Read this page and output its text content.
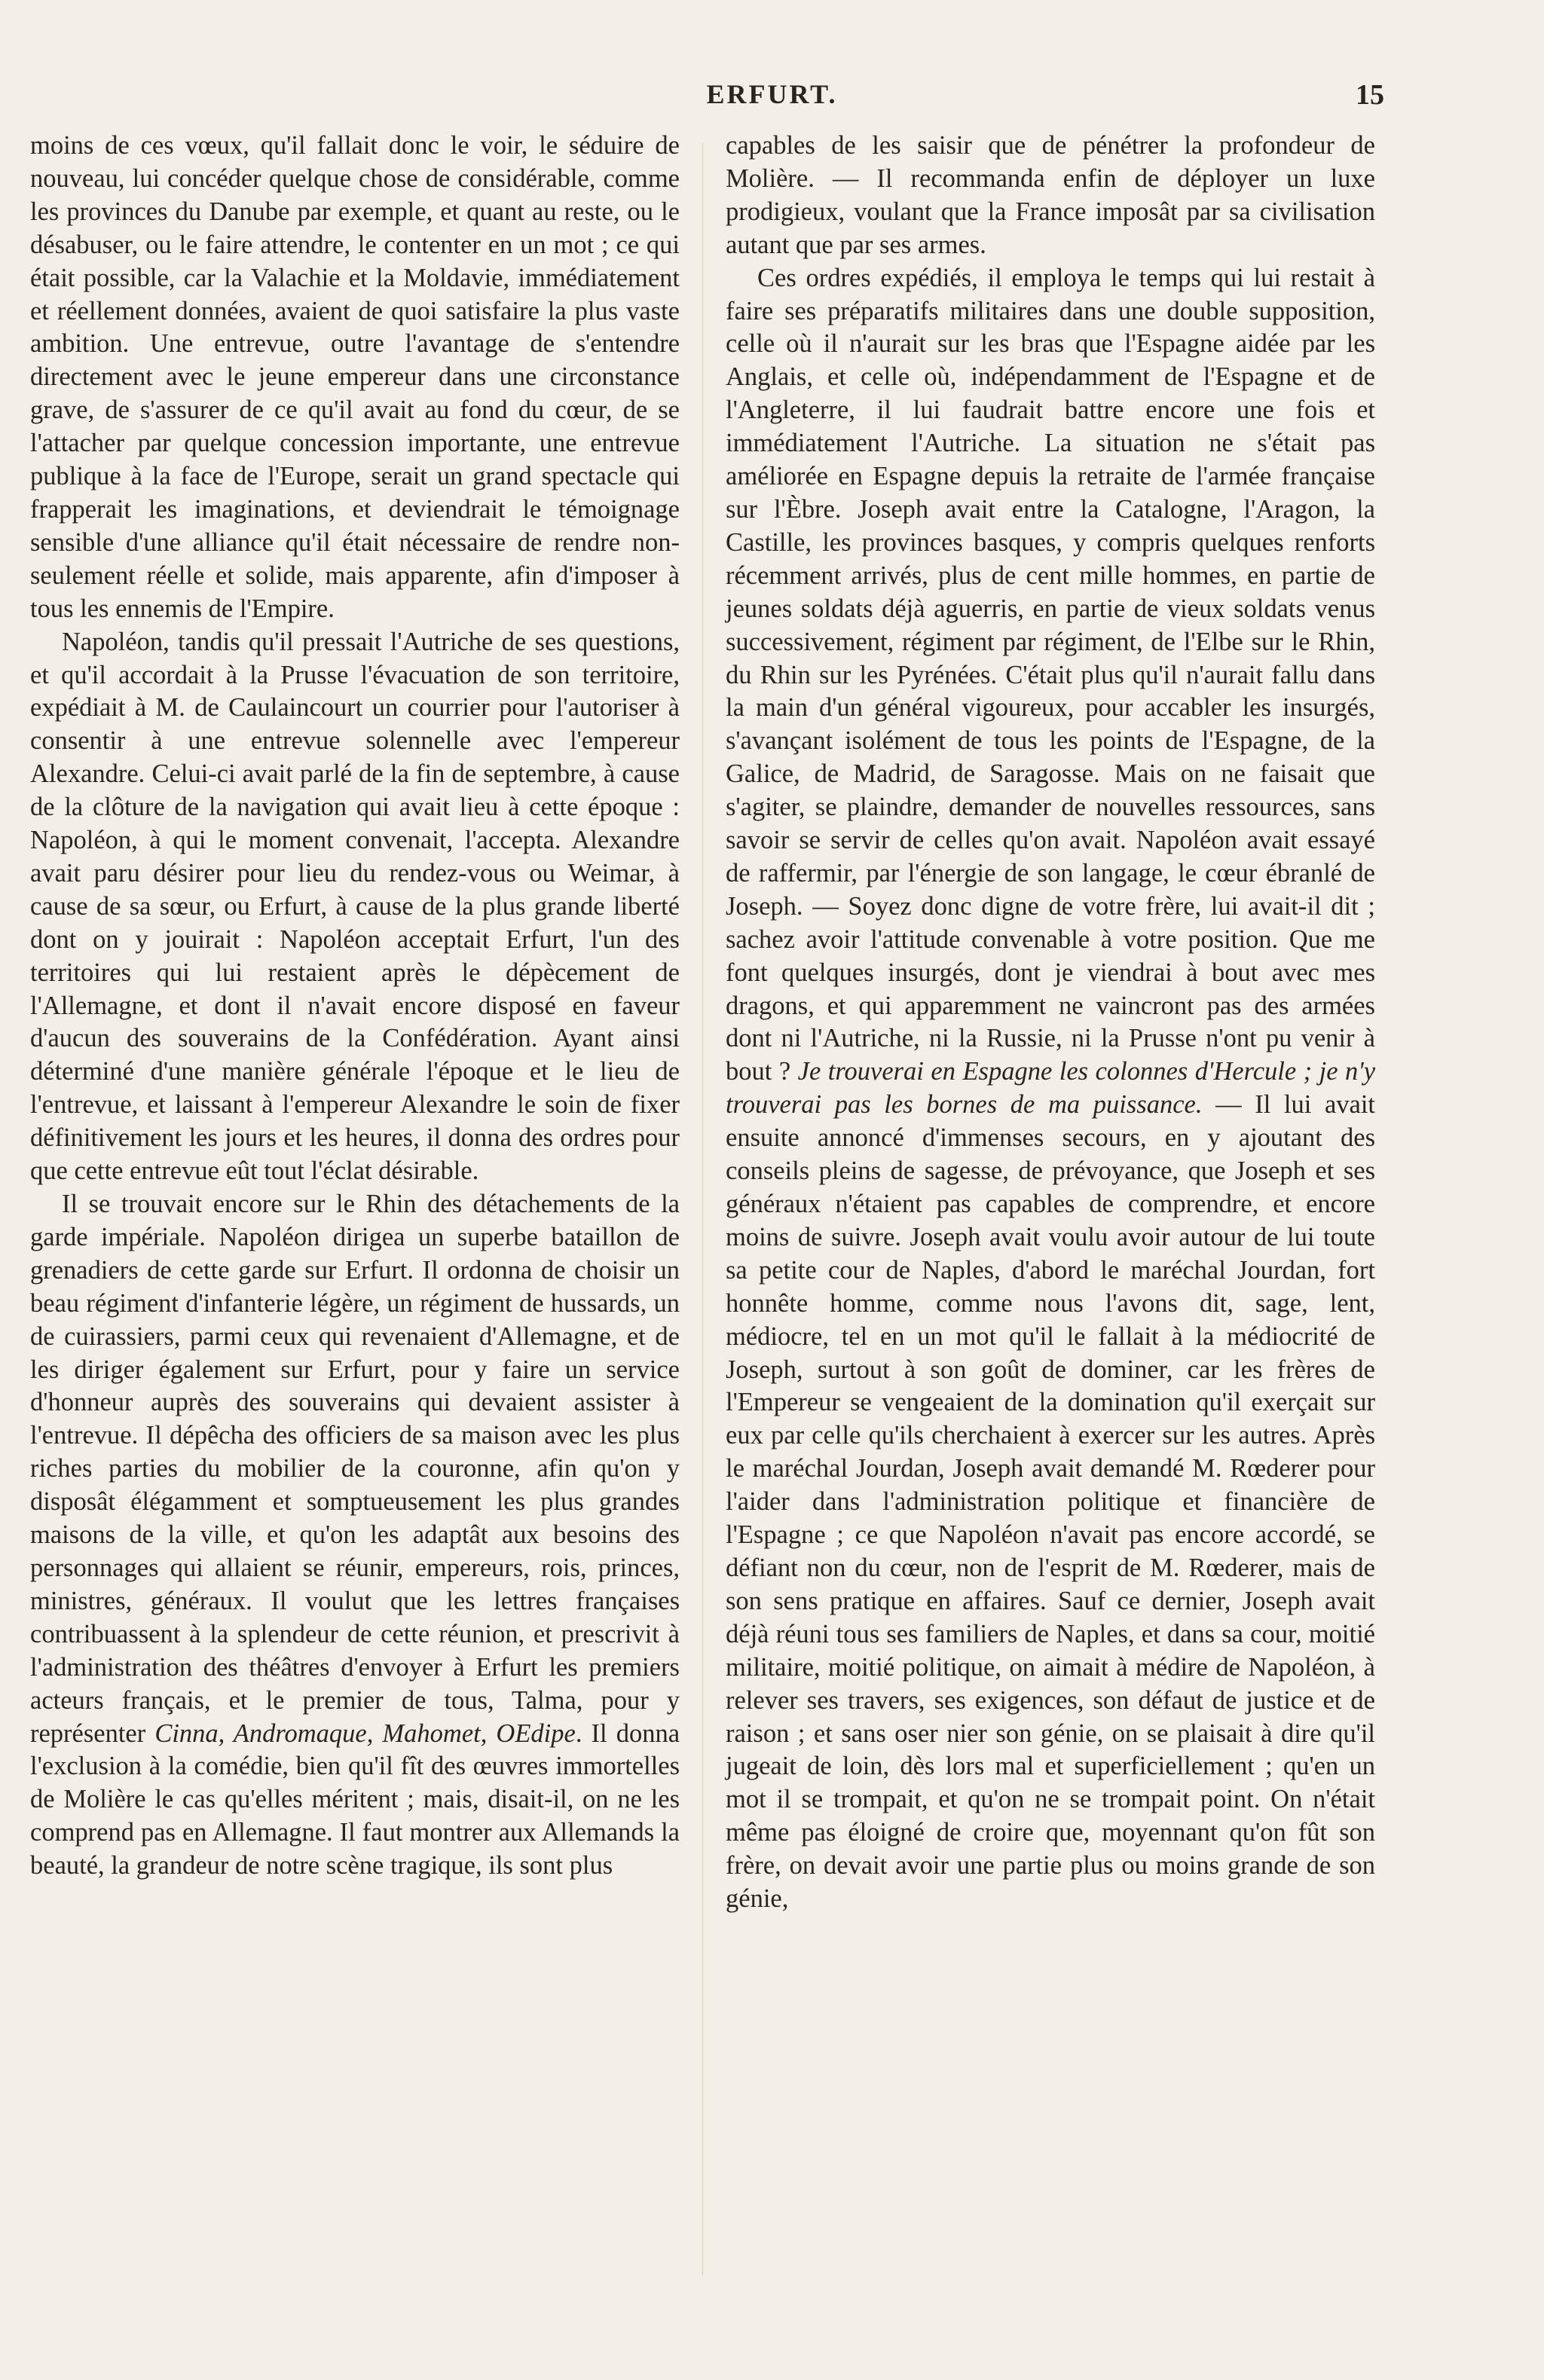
ERFURT.	15

moins de ces vœux, qu'il fallait donc le voir, le séduire de nouveau, lui concéder quelque chose de considérable, comme les provinces du Danube par exemple, et quant au reste, ou le désabuser, ou le faire attendre, le contenter en un mot ; ce qui était possible, car la Valachie et la Moldavie, immédiatement et réellement données, avaient de quoi satisfaire la plus vaste ambition. Une entrevue, outre l'avantage de s'entendre directement avec le jeune empereur dans une circonstance grave, de s'assurer de ce qu'il avait au fond du cœur, de se l'attacher par quelque concession importante, une entrevue publique à la face de l'Europe, serait un grand spectacle qui frapperait les imaginations, et deviendrait le témoignage sensible d'une alliance qu'il était nécessaire de rendre non-seulement réelle et solide, mais apparente, afin d'imposer à tous les ennemis de l'Empire.

Napoléon, tandis qu'il pressait l'Autriche de ses questions, et qu'il accordait à la Prusse l'évacuation de son territoire, expédiait à M. de Caulaincourt un courrier pour l'autoriser à consentir à une entrevue solennelle avec l'empereur Alexandre. Celui-ci avait parlé de la fin de septembre, à cause de la clôture de la navigation qui avait lieu à cette époque : Napoléon, à qui le moment convenait, l'accepta. Alexandre avait paru désirer pour lieu du rendez-vous ou Weimar, à cause de sa sœur, ou Erfurt, à cause de la plus grande liberté dont on y jouirait : Napoléon acceptait Erfurt, l'un des territoires qui lui restaient après le dépècement de l'Allemagne, et dont il n'avait encore disposé en faveur d'aucun des souverains de la Confédération. Ayant ainsi déterminé d'une manière générale l'époque et le lieu de l'entrevue, et laissant à l'empereur Alexandre le soin de fixer définitivement les jours et les heures, il donna des ordres pour que cette entrevue eût tout l'éclat désirable.

Il se trouvait encore sur le Rhin des détachements de la garde impériale. Napoléon dirigea un superbe bataillon de grenadiers de cette garde sur Erfurt. Il ordonna de choisir un beau régiment d'infanterie légère, un régiment de hussards, un de cuirassiers, parmi ceux qui revenaient d'Allemagne, et de les diriger également sur Erfurt, pour y faire un service d'honneur auprès des souverains qui devaient assister à l'entrevue. Il dépêcha des officiers de sa maison avec les plus riches parties du mobilier de la couronne, afin qu'on y disposât élégamment et somptueusement les plus grandes maisons de la ville, et qu'on les adaptât aux besoins des personnages qui allaient se réunir, empereurs, rois, princes, ministres, généraux. Il voulut que les lettres françaises contribuassent à la splendeur de cette réunion, et prescrivit à l'administration des théâtres d'envoyer à Erfurt les premiers acteurs français, et le premier de tous, Talma, pour y représenter Cinna, Andromaque, Mahomet, OEdipe. Il donna l'exclusion à la comédie, bien qu'il fît des œuvres immortelles de Molière le cas qu'elles méritent ; mais, disait-il, on ne les comprend pas en Allemagne. Il faut montrer aux Allemands la beauté, la grandeur de notre scène tragique, ils sont plus

capables de les saisir que de pénétrer la profondeur de Molière. — Il recommanda enfin de déployer un luxe prodigieux, voulant que la France imposât par sa civilisation autant que par ses armes.

Ces ordres expédiés, il employa le temps qui lui restait à faire ses préparatifs militaires dans une double supposition, celle où il n'aurait sur les bras que l'Espagne aidée par les Anglais, et celle où, indépendamment de l'Espagne et de l'Angleterre, il lui faudrait battre encore une fois et immédiatement l'Autriche. La situation ne s'était pas améliorée en Espagne depuis la retraite de l'armée française sur l'Èbre. Joseph avait entre la Catalogne, l'Aragon, la Castille, les provinces basques, y compris quelques renforts récemment arrivés, plus de cent mille hommes, en partie de jeunes soldats déjà aguerris, en partie de vieux soldats venus successivement, régiment par régiment, de l'Elbe sur le Rhin, du Rhin sur les Pyrénées. C'était plus qu'il n'aurait fallu dans la main d'un général vigoureux, pour accabler les insurgés, s'avançant isolément de tous les points de l'Espagne, de la Galice, de Madrid, de Saragosse. Mais on ne faisait que s'agiter, se plaindre, demander de nouvelles ressources, sans savoir se servir de celles qu'on avait. Napoléon avait essayé de raffermir, par l'énergie de son langage, le cœur ébranlé de Joseph. — Soyez donc digne de votre frère, lui avait-il dit ; sachez avoir l'attitude convenable à votre position. Que me font quelques insurgés, dont je viendrai à bout avec mes dragons, et qui apparemment ne vaincront pas des armées dont ni l'Autriche, ni la Russie, ni la Prusse n'ont pu venir à bout ? Je trouverai en Espagne les colonnes d'Hercule ; je n'y trouverai pas les bornes de ma puissance. — Il lui avait ensuite annoncé d'immenses secours, en y ajoutant des conseils pleins de sagesse, de prévoyance, que Joseph et ses généraux n'étaient pas capables de comprendre, et encore moins de suivre. Joseph avait voulu avoir autour de lui toute sa petite cour de Naples, d'abord le maréchal Jourdan, fort honnête homme, comme nous l'avons dit, sage, lent, médiocre, tel en un mot qu'il le fallait à la médiocrité de Joseph, surtout à son goût de dominer, car les frères de l'Empereur se vengeaient de la domination qu'il exerçait sur eux par celle qu'ils cherchaient à exercer sur les autres. Après le maréchal Jourdan, Joseph avait demandé M. Rœderer pour l'aider dans l'administration politique et financière de l'Espagne ; ce que Napoléon n'avait pas encore accordé, se défiant non du cœur, non de l'esprit de M. Rœderer, mais de son sens pratique en affaires. Sauf ce dernier, Joseph avait déjà réuni tous ses familiers de Naples, et dans sa cour, moitié militaire, moitié politique, on aimait à médire de Napoléon, à relever ses travers, ses exigences, son défaut de justice et de raison ; et sans oser nier son génie, on se plaisait à dire qu'il jugeait de loin, dès lors mal et superficiellement ; qu'en un mot il se trompait, et qu'on ne se trompait point. On n'était même pas éloigné de croire que, moyennant qu'on fût son frère, on devait avoir une partie plus ou moins grande de son génie,
